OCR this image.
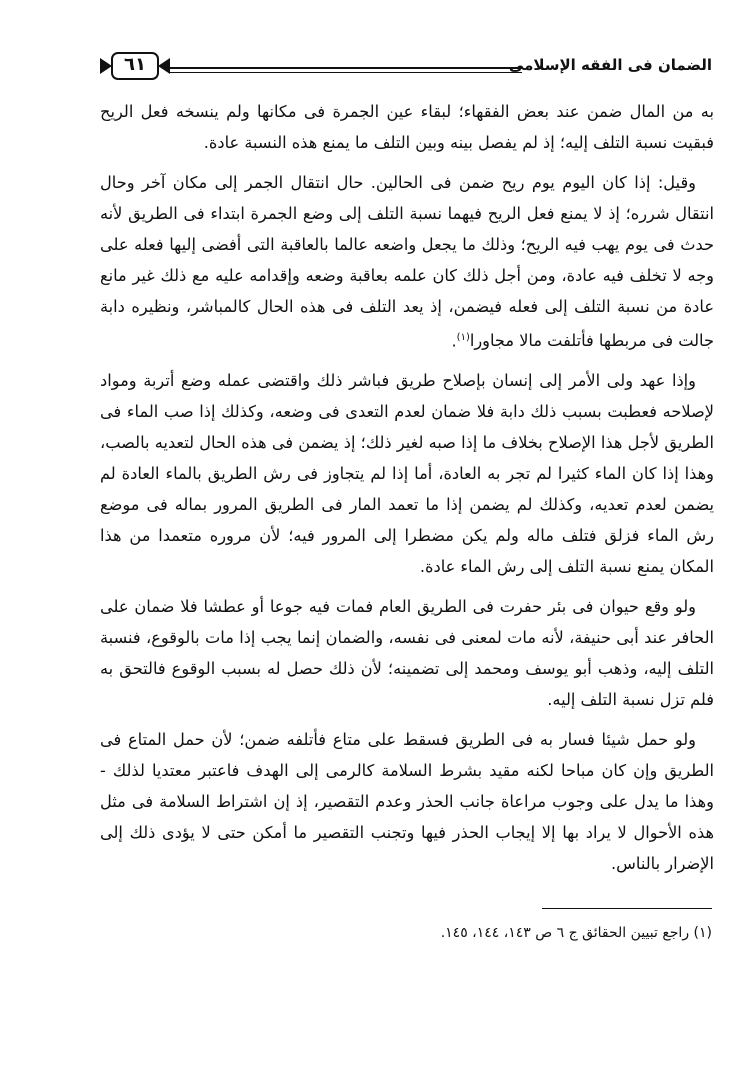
٦١	الضمان فى الفقه الإسلامى

به من المال ضمن عند بعض الفقهاء؛ لبقاء عين الجمرة فى مكانها ولم ينسخه فعل الريح فبقيت نسبة التلف إليه؛ إذ لم يفصل بينه وبين التلف ما يمنع هذه النسبة عادة.

وقيل: إذا كان اليوم يوم ريح ضمن فى الحالين. حال انتقال الجمر إلى مكان آخر وحال انتقال شرره؛ إذ لا يمنع فعل الريح فيهما نسبة التلف إلى وضع الجمرة ابتداء فى الطريق لأنه حدث فى يوم يهب فيه الريح؛ وذلك ما يجعل واضعه عالما بالعاقبة التى أفضى إليها فعله على وجه لا تخلف فيه عادة، ومن أجل ذلك كان علمه بعاقبة وضعه وإقدامه عليه مع ذلك غير مانع عادة من نسبة التلف إلى فعله فيضمن، إذ يعد التلف فى هذه الحال كالمباشر، ونظيره دابة جالت فى مربطها فأتلفت مالا مجاورا$^{(١)}$.

وإذا عهد ولى الأمر إلى إنسان بإصلاح طريق فباشر ذلك واقتضى عمله وضع أتربة ومواد لإصلاحه فعطبت بسبب ذلك دابة فلا ضمان لعدم التعدى فى وضعه، وكذلك إذا صب الماء فى الطريق لأجل هذا الإصلاح بخلاف ما إذا صبه لغير ذلك؛ إذ يضمن فى هذه الحال لتعديه بالصب، وهذا إذا كان الماء كثيرا لم تجر به العادة، أما إذا لم يتجاوز فى رش الطريق بالماء العادة لم يضمن لعدم تعديه، وكذلك لم يضمن إذا ما تعمد المار فى الطريق المرور بماله فى موضع رش الماء فزلق فتلف ماله ولم يكن مضطرا إلى المرور فيه؛ لأن مروره متعمدا من هذا المكان يمنع نسبة التلف إلى رش الماء عادة.

ولو وقع حيوان فى بئر حفرت فى الطريق العام فمات فيه جوعا أو عطشا فلا ضمان على الحافر عند أبى حنيفة، لأنه مات لمعنى فى نفسه، والضمان إنما يجب إذا مات بالوقوع، فنسبة التلف إليه، وذهب أبو يوسف ومحمد إلى تضمينه؛ لأن ذلك حصل له بسبب الوقوع فالتحق به فلم تزل نسبة التلف إليه.

ولو حمل شيئا فسار به فى الطريق فسقط على متاع فأتلفه ضمن؛ لأن حمل المتاع فى الطريق وإن كان مباحا لكنه مقيد بشرط السلامة كالرمى إلى الهدف فاعتبر معتديا لذلك - وهذا ما يدل على وجوب مراعاة جانب الحذر وعدم التقصير، إذ إن اشتراط السلامة فى مثل هذه الأحوال لا يراد بها إلا إيجاب الحذر فيها وتجنب التقصير ما أمكن حتى لا يؤدى ذلك إلى الإضرار بالناس.

(١) راجع تبيين الحقائق ج ٦ ص ١٤٣، ١٤٤، ١٤٥.
